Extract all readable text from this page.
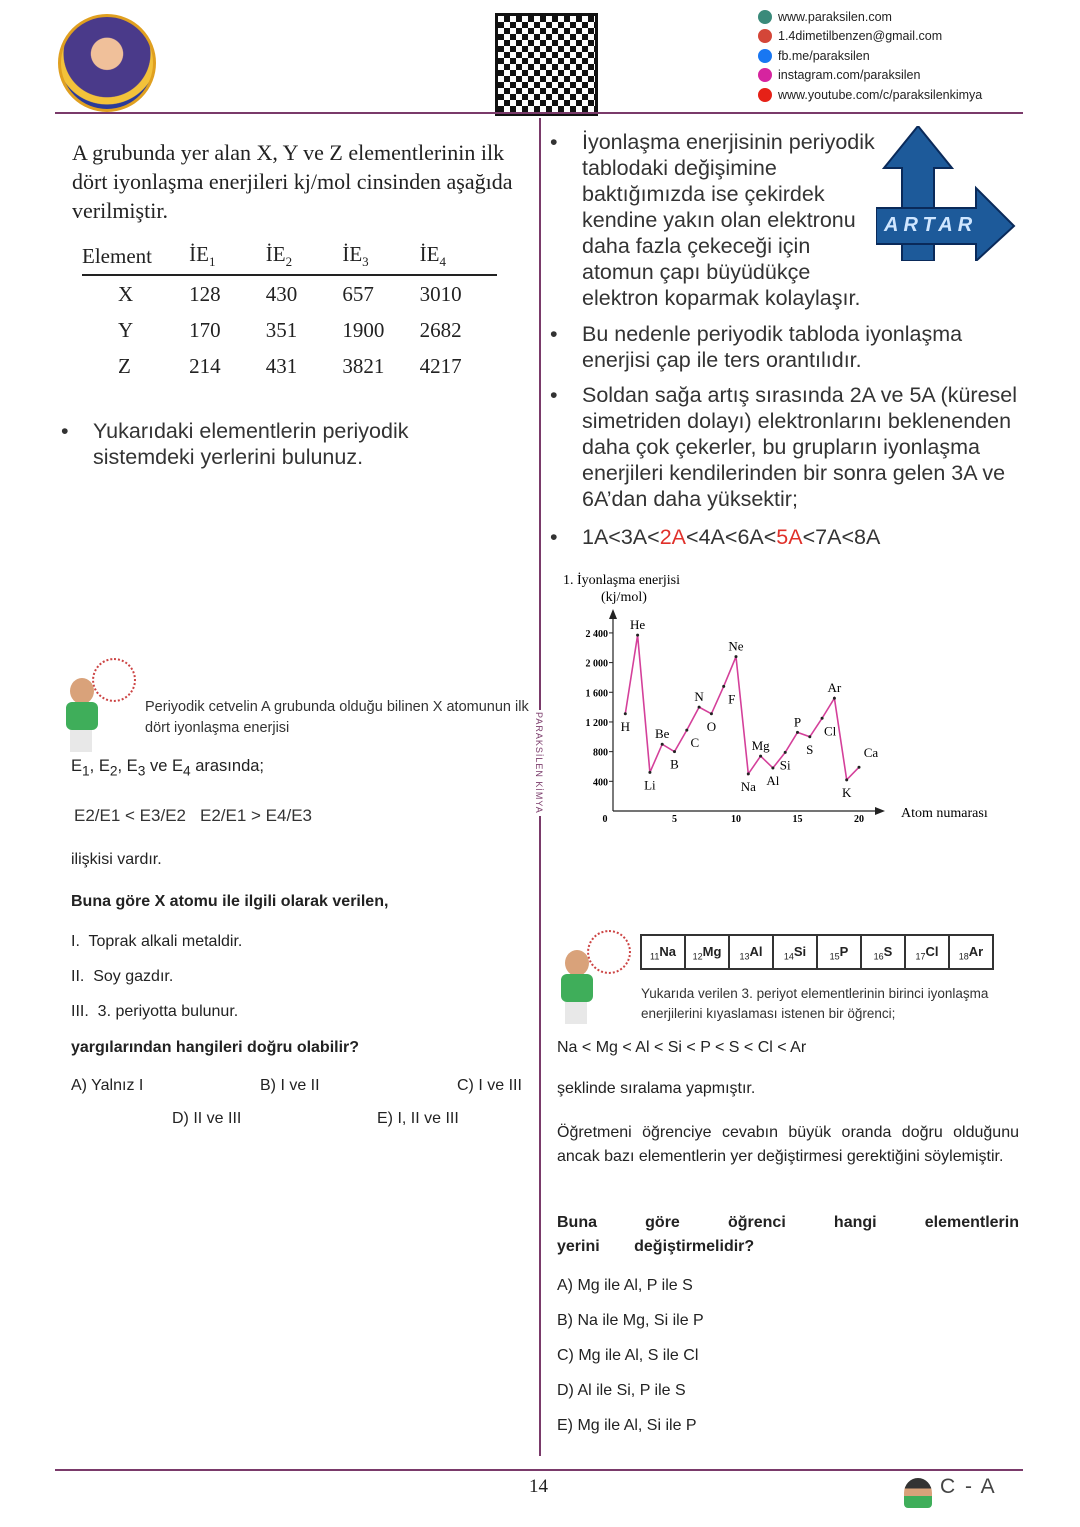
www.paraksilen.com
1.4dimetilbenzen@gmail.com
fb.me/paraksilen
instagram.com/paraksilen
www.youtube.com/c/paraksilenkimya
PARAKSİLEN KİMYA
A grubunda yer alan X, Y ve Z elementlerinin ilk dört iyonlaşma enerjileri kj/mol cinsinden aşağıda verilmiştir.
Element	$İE_1$	$İE_2$	$İE_3$	$İE_4$
X	128	430	657	3010
Y	170	351	1900	2682
Z	214	431	3821	4217
• Yukarıdaki elementlerin periyodik sistemdeki yerlerini bulunuz.
Periyodik cetvelin A grubunda olduğu bilinen X atomunun ilk dört iyonlaşma enerjisi
$E_1$, $E_2$, $E_3$ ve $E_4$ arasında;
E2/E1 < E3/E2 E2/E1 > E4/E3
ilişkisi vardır.
Buna göre X atomu ile ilgili olarak verilen,
I.  Toprak alkali metaldir.
II.  Soy gazdır.
III.  3. periyotta bulunur.
yargılarından hangileri doğru olabilir?
A) Yalnız I	B) I ve II	C) I ve III
D) II ve III	E) I, II ve III
• İyonlaşma enerjisinin periyodik tablodaki değişimine baktığımızda ise çekirdek kendine yakın olan elektronu daha fazla çekeceği için atomun çapı büyüdükçe elektron koparmak kolaylaşır.
ARTAR
• Bu nedenle periyodik tabloda iyonlaşma enerjisi çap ile ters orantılıdır.
• Soldan sağa artış sırasında 2A ve 5A (küresel simetriden dolayı) elektronlarını beklenenden daha çok çekerler, bu grupların iyonlaşma enerjileri kendilerinden bir sonra gelen 3A ve 6A’dan daha yüksektir;
• 1A<3A<2A<4A<6A<5A<7A<8A
1. İyonlaşma enerjisi
(kj/mol)
Atom numarası
400
800
1 200
1 600
2 000
2 400
0	5	10	15	20
H
He
Li
Be
B
C
N
O
F
Ne
Na
Mg
Al
Si
P
S
Cl
Ar
K
Ca
$_{11}$Na	$_{12}$Mg	$_{13}$Al	$_{14}$Si	$_{15}$P	$_{16}$S	$_{17}$Cl	$_{18}$Ar
Yukarıda verilen 3. periyot elementlerinin birinci iyonlaşma enerjilerini kıyaslaması istenen bir öğrenci;
Na < Mg < Al < Si < P < S < Cl < Ar
şeklinde sıralama yapmıştır.
Öğretmeni öğrenciye cevabın büyük oranda doğru olduğunu ancak bazı elementlerin yer değiştirmesi gerektiğini söylemiştir.
Buna göre öğrenci hangi elementlerin yerini değiştirmelidir?
A) Mg ile Al, P ile S
B) Na ile Mg, Si ile P
C) Mg ile Al, S ile Cl
D) Al ile Si, P ile S
E) Mg ile Al, Si ile P
14	C - A
